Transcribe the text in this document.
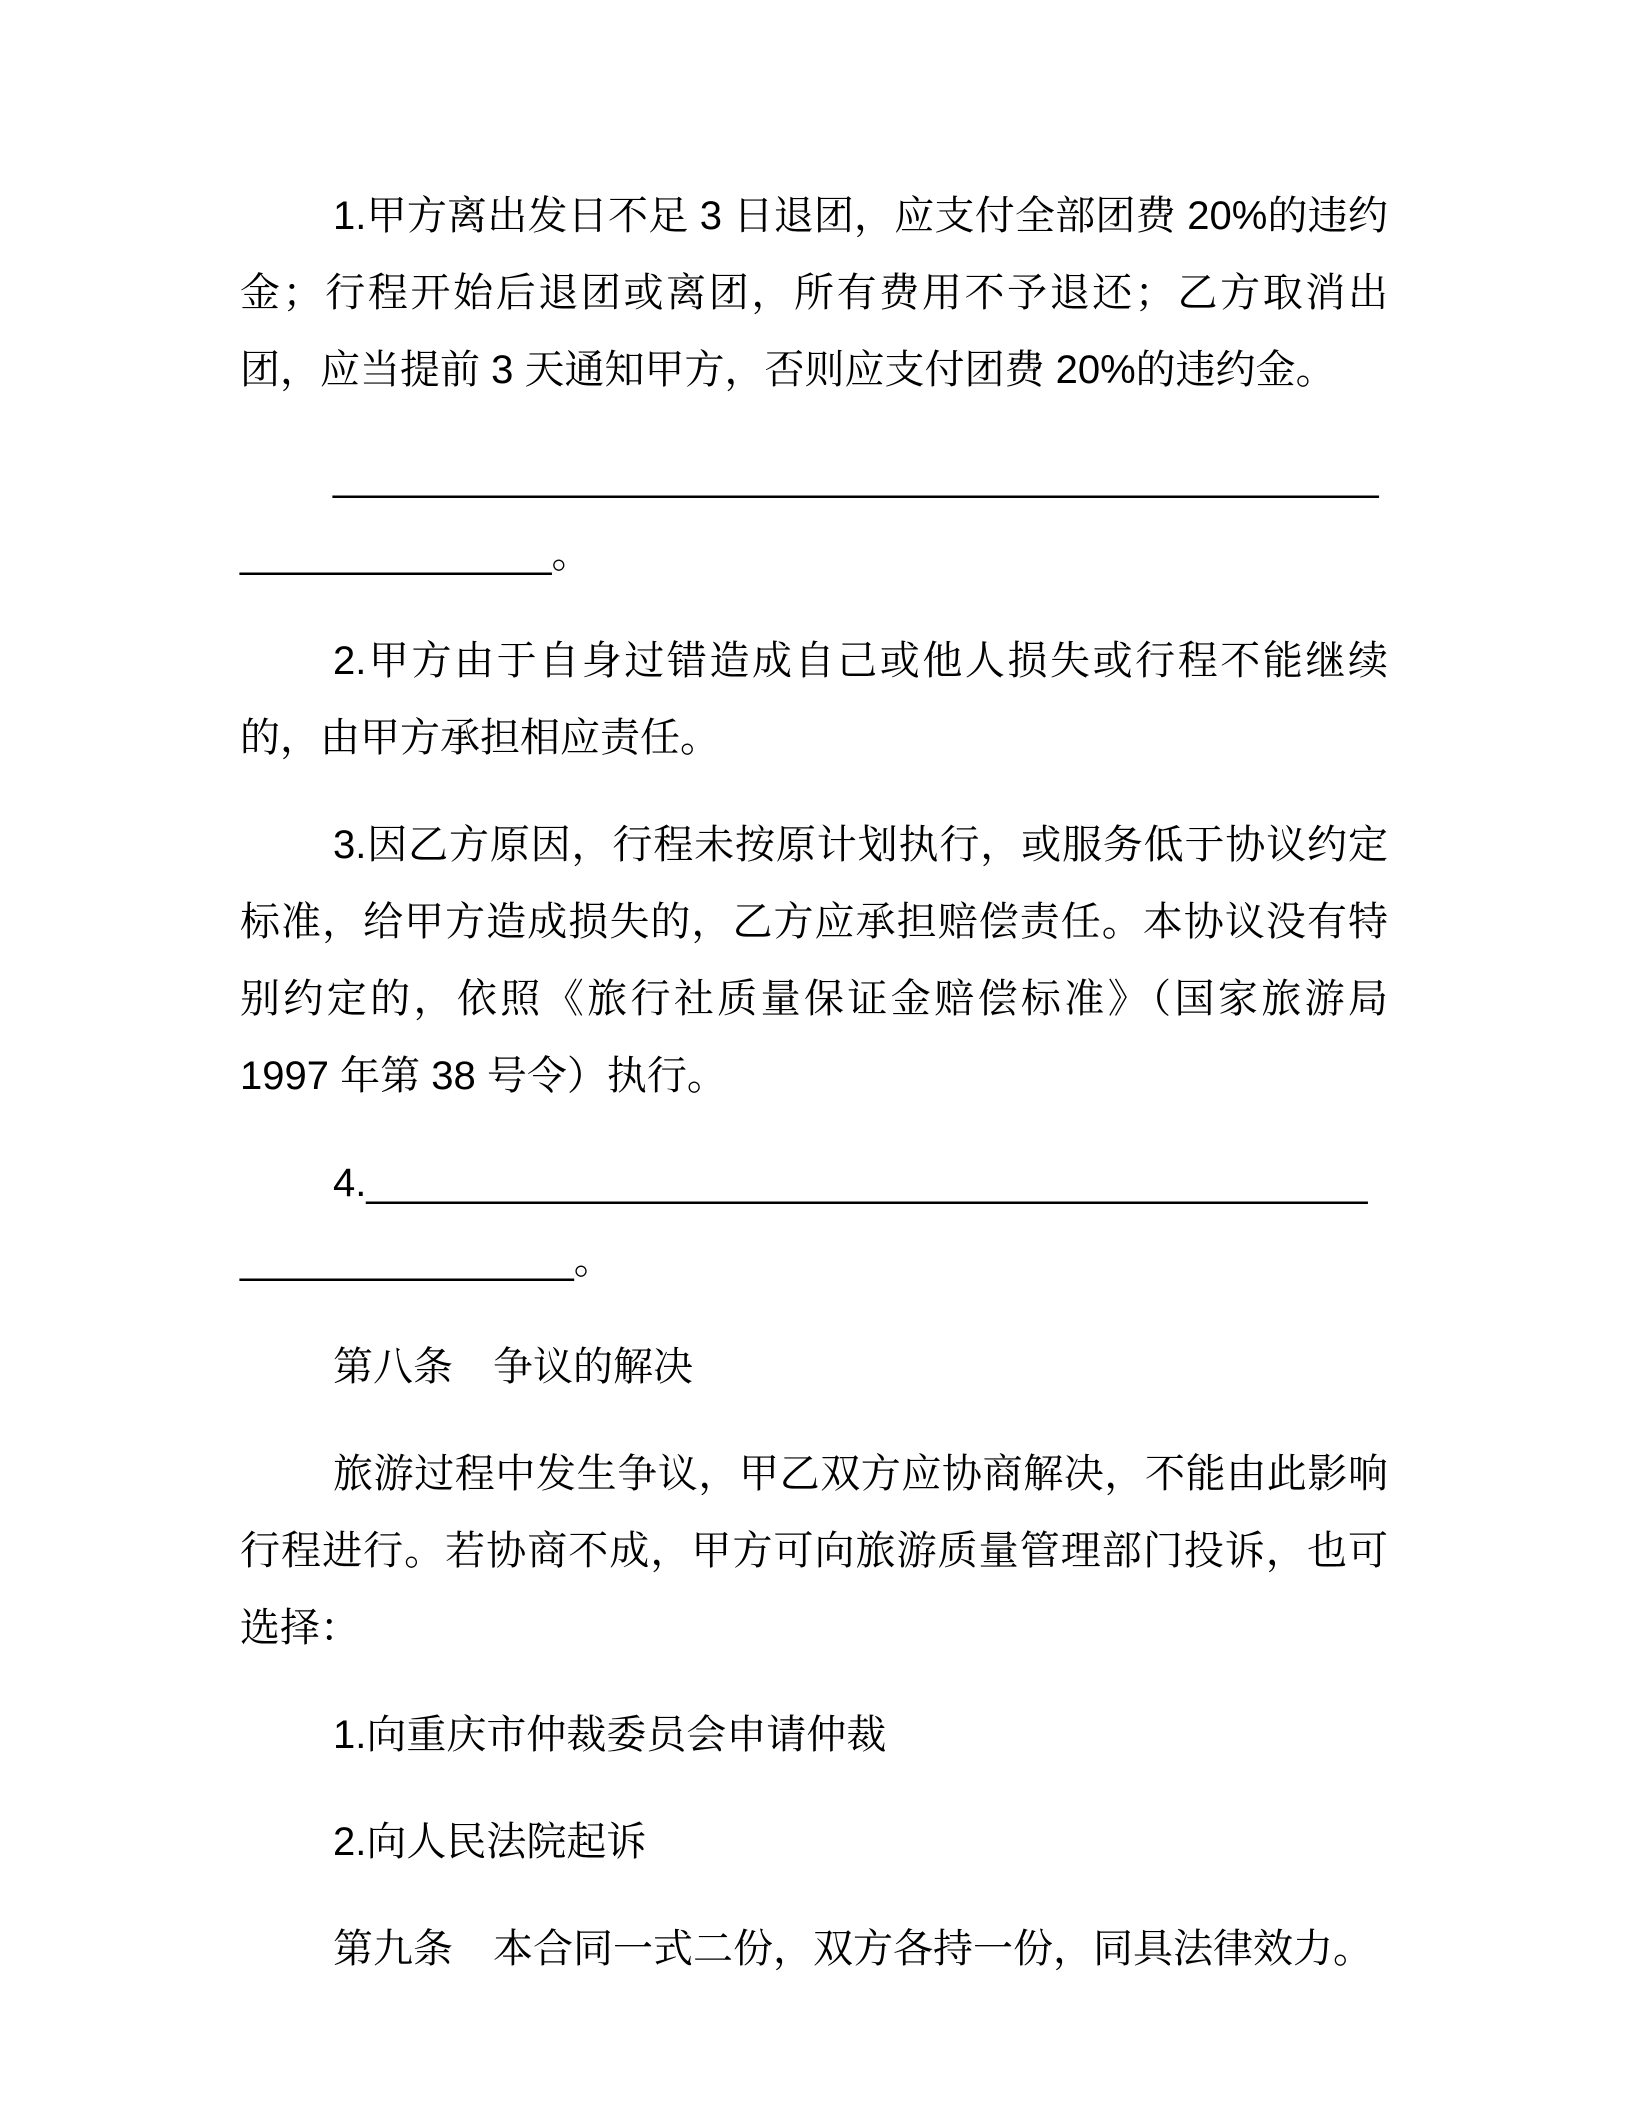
1.甲方离出发日不足 3 日退团，应支付全部团费 20%的违约金；行程开始后退团或离团，所有费用不予退还；乙方取消出团，应当提前 3 天通知甲方，否则应支付团费 20%的违约金。

_____________________________________________________________。

2.甲方由于自身过错造成自己或他人损失或行程不能继续的，由甲方承担相应责任。

3.因乙方原因，行程未按原计划执行，或服务低于协议约定标准，给甲方造成损失的，乙方应承担赔偿责任。本协议没有特别约定的，依照《旅行社质量保证金赔偿标准》（国家旅游局 1997 年第 38 号令）执行。

4.____________________________________________________________。

第八条　争议的解决

旅游过程中发生争议，甲乙双方应协商解决，不能由此影响行程进行。若协商不成，甲方可向旅游质量管理部门投诉，也可选择：

1.向重庆市仲裁委员会申请仲裁

2.向人民法院起诉

第九条　本合同一式二份，双方各持一份，同具法律效力。
